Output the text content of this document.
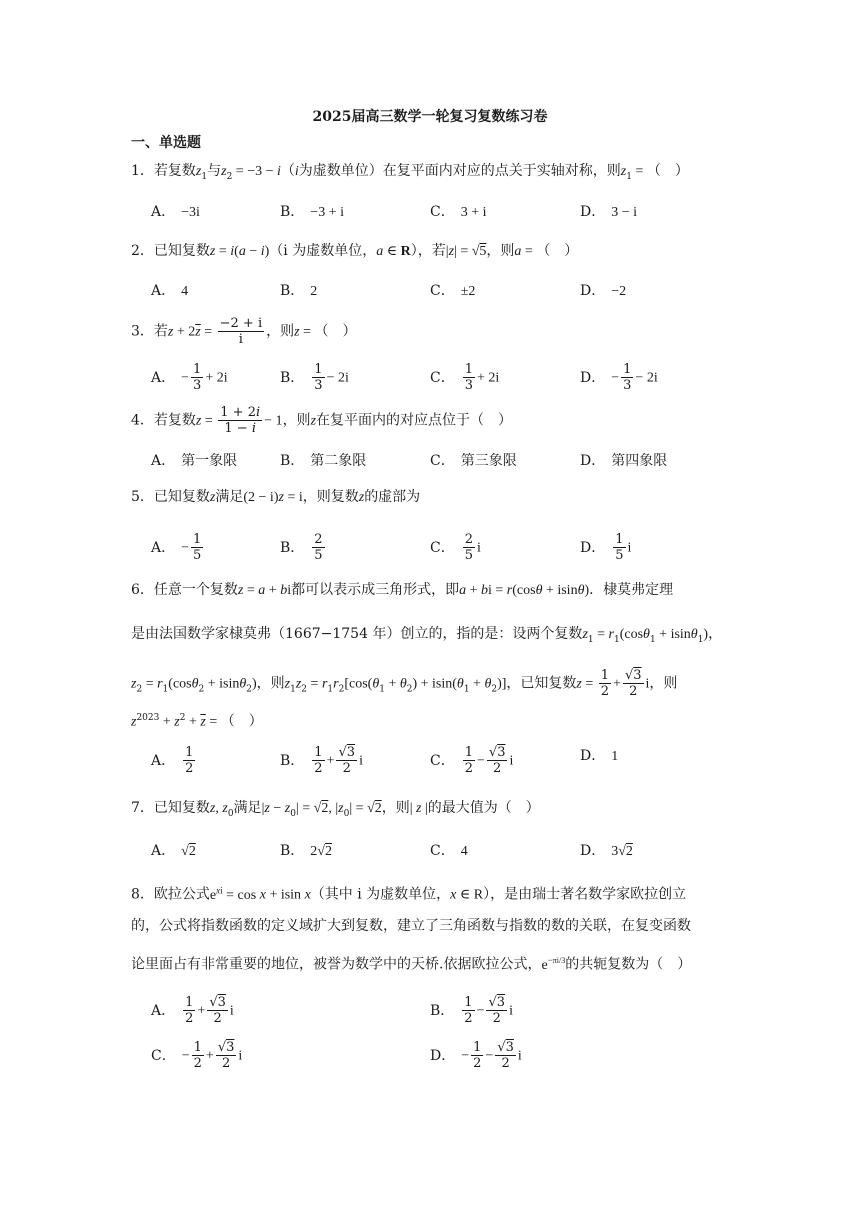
2025届高三数学一轮复习复数练习卷
一、单选题
1．若复数$z_1$与$z_2 = -3 - i(i$为虚数单位）在复平面内对应的点关于实轴对称，则$z_1$ = （　）
A． −3i	B． −3 + i	C． 3 + i	D． 3 − i
2．已知复数z = i(a − i)（i 为虚数单位，a ∈ R），若|z| = √5，则a = （　）
A． 4	B． 2	C． ±2	D． −2
3．若$z + 2\overline{z} = \frac{-2 + i}{i}$ ，则z = （　）
A． − $\frac{1}{3} + 2i$	B． $\frac{1}{3} - 2i$	C． $\frac{1}{3} + 2i$	D． − $\frac{1}{3} - 2i$
4．若复数$z = \frac{1 + 2i}{1 - i} - 1$，则z在复平面内的对应点位于（　）
A． 第一象限	B． 第二象限	C． 第三象限	D． 第四象限
5．已知复数z满足(2 − i)z = i，则复数z的虚部为
A． − $\frac{1}{5}$	B． $\frac{2}{5}$	C． $\frac{2}{5}$ i	D． $\frac{1}{5}$ i
6．任意一个复数z = a + bi都可以表示成三角形式，即a + bi = r(cosθ + isinθ)．棣莫弗定理
是由法国数学家棣莫弗（1667−1754 年）创立的，指的是：设两个复数$z_1 = r_1(\cos\theta_1 + isin\theta_1)$，
$z_2 = r_1(\cos\theta_2 + isin\theta_2)$，则$z_1z_2 = r_1r_2[\cos(\theta_1 + \theta_2) + isin(\theta_1 + \theta_2)]$，已知复数$z = \frac{1}{2} + \frac{√3}{2}$ i，则
$z^{2023} + z^2 + \overline{z}$ = （　）
A． $\frac{1}{2}$	B． $\frac{1}{2} + \frac{√3}{2}$ i	C． $\frac{1}{2} - \frac{√3}{2}$ i	D． 1
7．已知复数z, $z_0$满足$|z - z_0| = √2$, $|z_0| = √2$，则| z |的最大值为（　）
A． √2	B． 2√2	C． 4	D． 3√2
8．欧拉公式$e^{xi} = \cos x + isin$ x（其中 i 为虚数单位，x ∈ R），是由瑞士著名数学家欧拉创立
的，公式将指数函数的定义域扩大到复数，建立了三角函数与指数的数的关联，在复变函数
论里面占有非常重要的地位，被誉为数学中的天桥.依据欧拉公式，$e^{-\pi i/3}$的共轭复数为（　）
A． $\frac{1}{2} + \frac{√3}{2}$ i	B． $\frac{1}{2} - \frac{√3}{2}$ i
C． − $\frac{1}{2} + \frac{√3}{2}$ i	D． − $\frac{1}{2} - \frac{√3}{2}$ i
